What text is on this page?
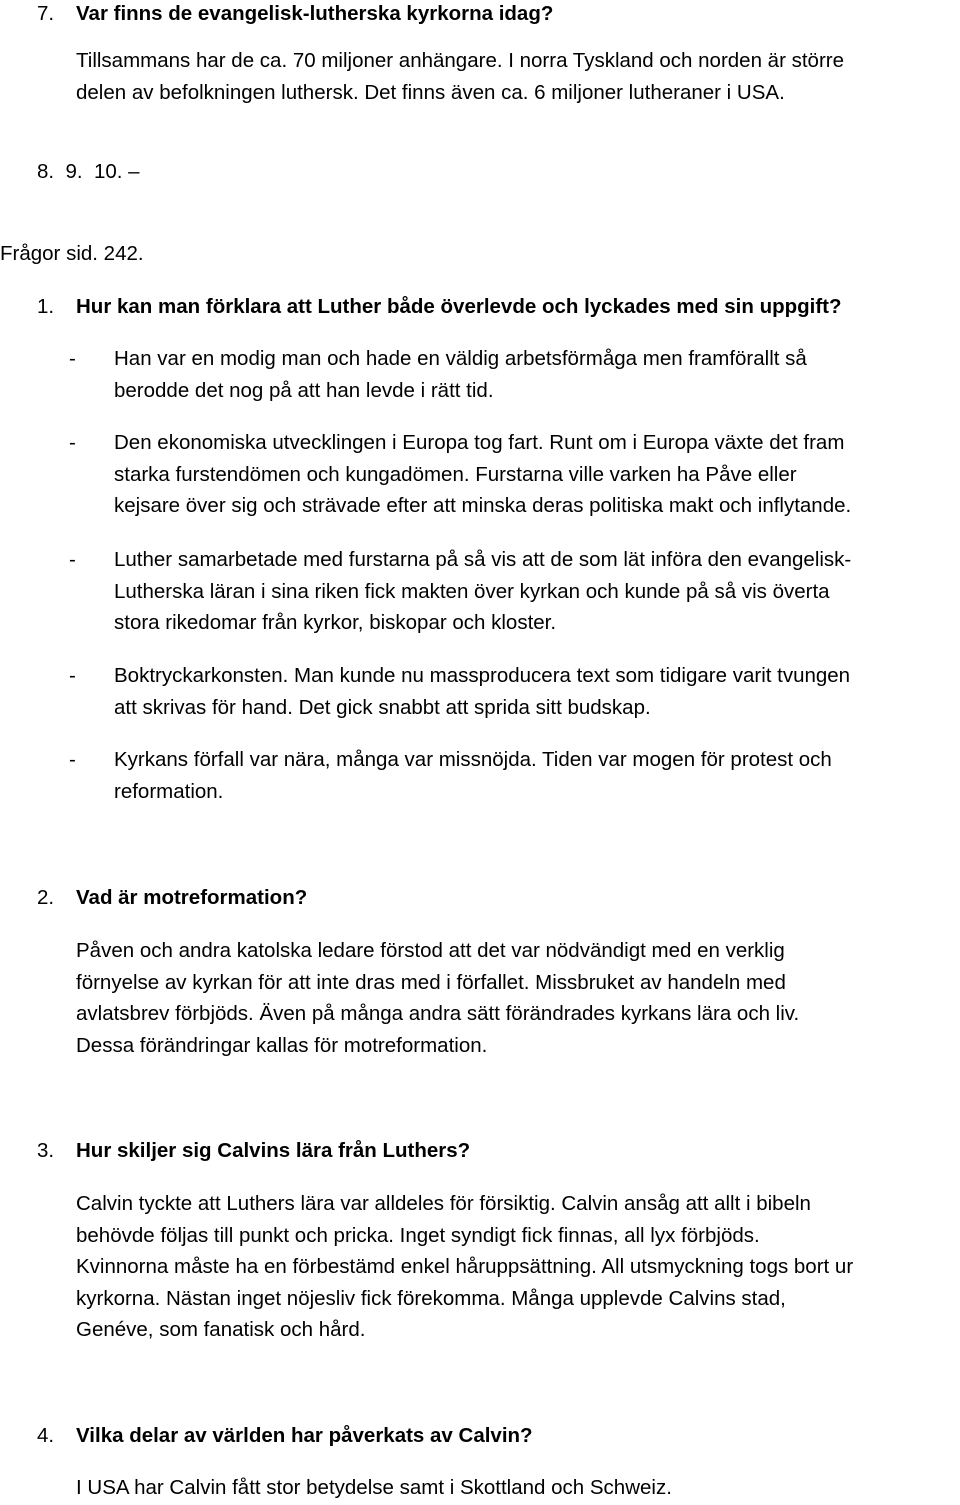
7. Var finns de evangelisk-lutherska kyrkorna idag?
Tillsammans har de ca. 70 miljoner anhängare. I norra Tyskland och norden är större
delen av befolkningen luthersk. Det finns även ca. 6 miljoner lutheraner i USA.
8.  9.  10. –
Frågor sid. 242.
1. Hur kan man förklara att Luther både överlevde och lyckades med sin uppgift?
- Han var en modig man och hade en väldig arbetsförmåga men framförallt så
berodde det nog på att han levde i rätt tid.
- Den ekonomiska utvecklingen i Europa tog fart. Runt om i Europa växte det fram
starka furstendömen och kungadömen. Furstarna ville varken ha Påve eller
kejsare över sig och strävade efter att minska deras politiska makt och inflytande.
- Luther samarbetade med furstarna på så vis att de som lät införa den evangelisk-
Lutherska läran i sina riken fick makten över kyrkan och kunde på så vis överta
stora rikedomar från kyrkor, biskopar och kloster.
- Boktryckarkonsten. Man kunde nu massproducera text som tidigare varit tvungen
att skrivas för hand. Det gick snabbt att sprida sitt budskap.
- Kyrkans förfall var nära, många var missnöjda. Tiden var mogen för protest och
reformation.
2. Vad är motreformation?
Påven och andra katolska ledare förstod att det var nödvändigt med en verklig
förnyelse av kyrkan för att inte dras med i förfallet. Missbruket av handeln med
avlatsbrev förbjöds. Även på många andra sätt förändrades kyrkans lära och liv.
Dessa förändringar kallas för motreformation.
3. Hur skiljer sig Calvins lära från Luthers?
Calvin tyckte att Luthers lära var alldeles för försiktig. Calvin ansåg att allt i bibeln
behövde följas till punkt och pricka. Inget syndigt fick finnas, all lyx förbjöds.
Kvinnorna måste ha en förbestämd enkel håruppsättning. All utsmyckning togs bort ur
kyrkorna. Nästan inget nöjesliv fick förekomma. Många upplevde Calvins stad,
Genéve, som fanatisk och hård.
4. Vilka delar av världen har påverkats av Calvin?
I USA har Calvin fått stor betydelse samt i Skottland och Schweiz.
